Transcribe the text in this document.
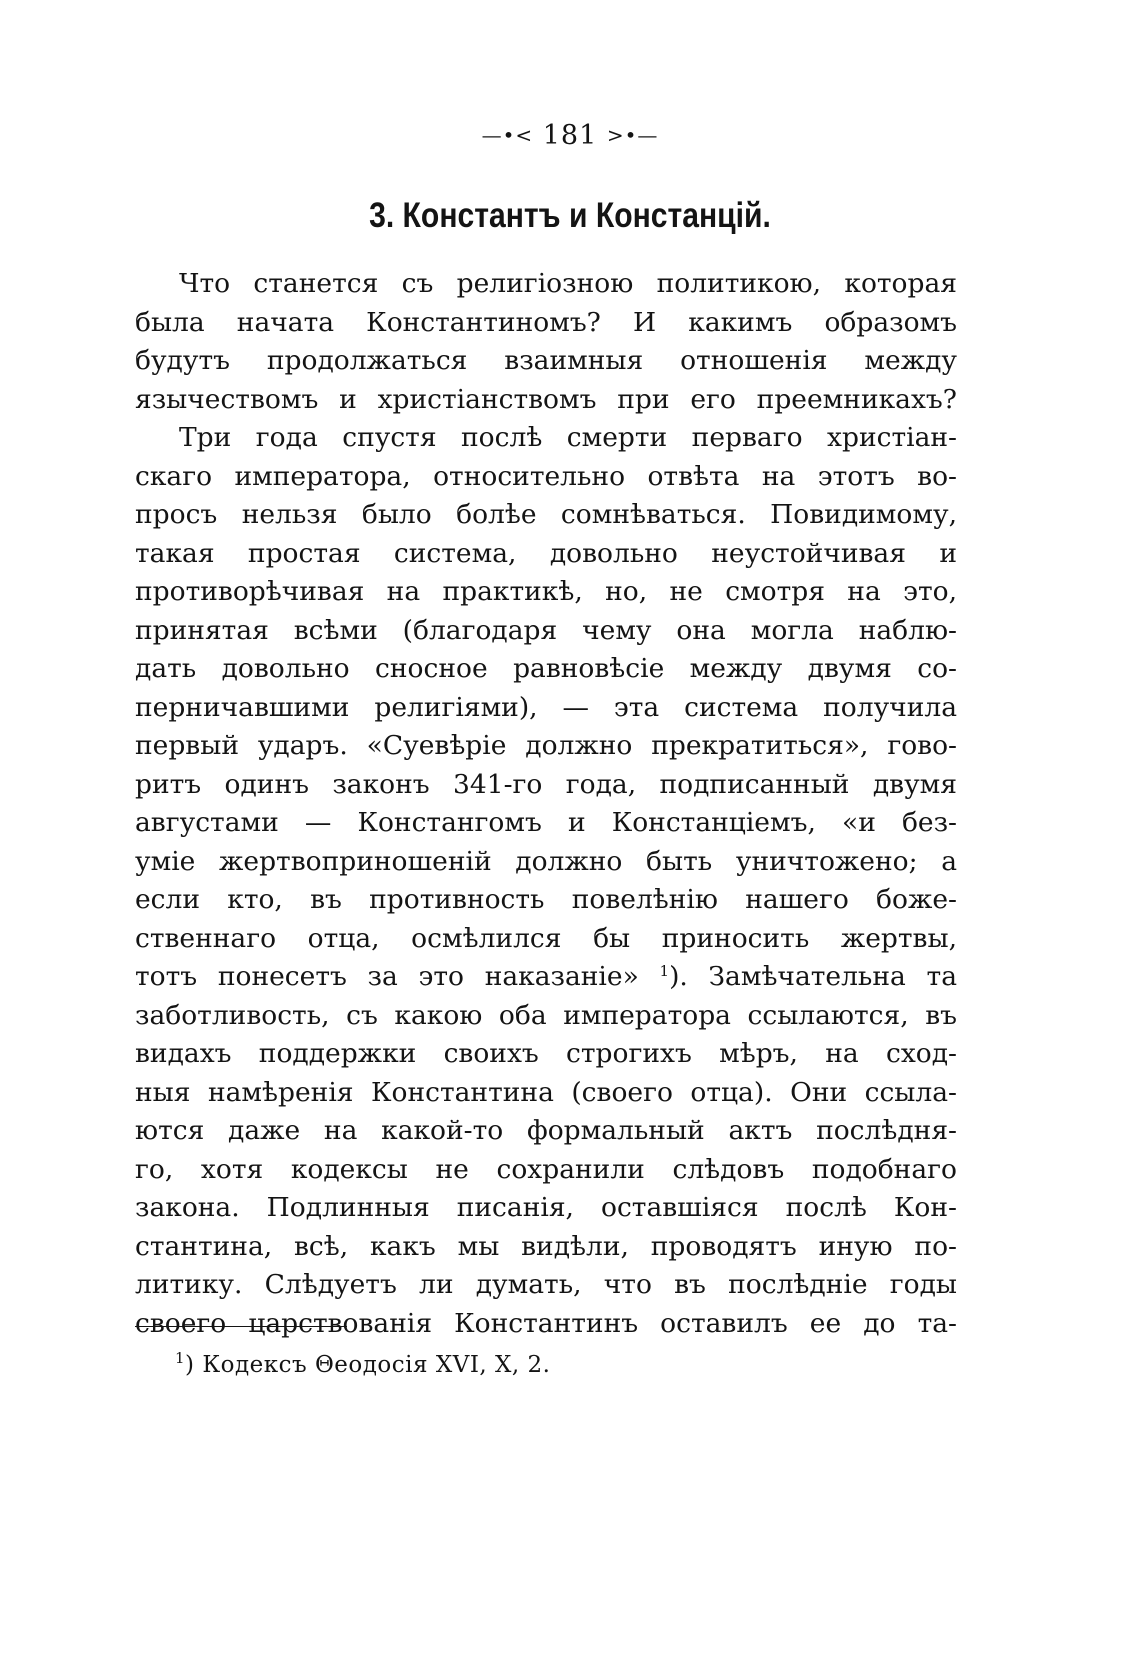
—•< 181 >•—
3. Константъ и Констанцій.
Что станется съ религіозною политикою, которая
была начата Константиномъ? И какимъ образомъ
будутъ продолжаться взаимныя отношенія между
язычествомъ и христіанствомъ при его преемникахъ?
Три года спустя послѣ смерти перваго христіан-
скаго императора, относительно отвѣта на этотъ во-
просъ нельзя было болѣе сомнѣваться. Повидимому,
такая простая система, довольно неустойчивая и
противорѣчивая на практикѣ, но, не смотря на это,
принятая всѣми (благодаря чему она могла наблю-
дать довольно сносное равновѣсіе между двумя со-
перничавшими религіями), — эта система получила
первый ударъ. «Суевѣріе должно прекратиться», гово-
ритъ одинъ законъ 341-го года, подписанный двумя
августами — Констангомъ и Констанціемъ, «и без-
уміе жертвоприношеній должно быть уничтожено; а
если кто, въ противность повелѣнію нашего боже-
ственнаго отца, осмѣлился бы приносить жертвы,
тотъ понесетъ за это наказаніе» $^1$). Замѣчательна та
заботливость, съ какою оба императора ссылаются, въ
видахъ поддержки своихъ строгихъ мѣръ, на сход-
ныя намѣренія Константина (своего отца). Они ссыла-
ются даже на какой-то формальный актъ послѣдня-
го, хотя кодексы не сохранили слѣдовъ подобнаго
закона. Подлинныя писанія, оставшіяся послѣ Кон-
стантина, всѣ, какъ мы видѣли, проводятъ иную по-
литику. Слѣдуетъ ли думать, что въ послѣдніе годы
своего царствованія Константинъ оставилъ ее до та-
$^1$) Кодексъ Θеодосія XVI, X, 2.
